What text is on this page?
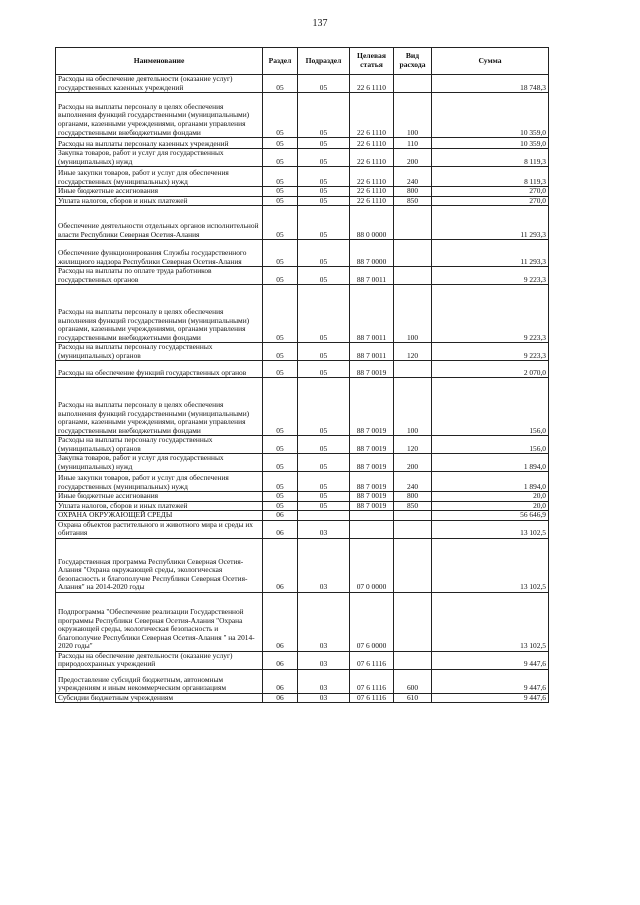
137
Наименование	Раздел	Подраздел	Целевая статья	Вид расхода	Сумма
Расходы на обеспечение деятельности (оказание услуг) государственных казенных учреждений	05	05	22 6 1110		18 748,3
Расходы на выплаты персоналу в целях обеспечения выполнения функций государственными (муниципальными) органами, казенными учреждениями, органами управления государственными внебюджетными фондами	05	05	22 6 1110	100	10 359,0
Расходы на выплаты персоналу казенных учреждений	05	05	22 6 1110	110	10 359,0
Закупка товаров, работ и услуг для государственных (муниципальных) нужд	05	05	22 6 1110	200	8 119,3
Иные закупки товаров, работ и услуг для обеспечения государственных (муниципальных) нужд	05	05	22 6 1110	240	8 119,3
Иные бюджетные ассигнования	05	05	22 6 1110	800	270,0
Уплата налогов, сборов и иных платежей	05	05	22 6 1110	850	270,0
Обеспечение деятельности отдельных органов исполнительной власти Республики Северная Осетия-Алания	05	05	88 0 0000		11 293,3
Обеспечение функционирования Службы государственного жилищного надзора Республики Северная Осетия-Алания	05	05	88 7 0000		11 293,3
Расходы на выплаты по оплате труда работников государственных органов	05	05	88 7 0011		9 223,3
Расходы на выплаты персоналу в целях обеспечения выполнения функций государственными (муниципальными) органами, казенными учреждениями, органами управления государственными внебюджетными фондами	05	05	88 7 0011	100	9 223,3
Расходы на выплаты персоналу государственных (муниципальных) органов	05	05	88 7 0011	120	9 223,3
Расходы на обеспечение функций государственных органов	05	05	88 7 0019		2 070,0
Расходы на выплаты персоналу в целях обеспечения выполнения функций государственными (муниципальными) органами, казенными учреждениями, органами управления государственными внебюджетными фондами	05	05	88 7 0019	100	156,0
Расходы на выплаты персоналу государственных (муниципальных) органов	05	05	88 7 0019	120	156,0
Закупка товаров, работ и услуг для государственных (муниципальных) нужд	05	05	88 7 0019	200	1 894,0
Иные закупки товаров, работ и услуг для обеспечения государственных (муниципальных) нужд	05	05	88 7 0019	240	1 894,0
Иные бюджетные ассигнования	05	05	88 7 0019	800	20,0
Уплата налогов, сборов и иных платежей	05	05	88 7 0019	850	20,0
ОХРАНА ОКРУЖАЮЩЕЙ СРЕДЫ	06				56 646,9
Охрана объектов растительного и животного мира и среды их обитания	06	03			13 102,5
Государственная программа Республики Северная Осетия-Алания "Охрана окружающей среды, экологическая безопасность и благополучие Республики Северная Осетия-Алания" на 2014-2020 годы	06	03	07 0 0000		13 102,5
Подпрограмма "Обеспечение реализации Государственной программы Республики Северная Осетия-Алания "Охрана окружающей среды, экологическая безопасность и благополучие Республики Северная Осетия-Алания " на 2014-2020 годы"	06	03	07 6 0000		13 102,5
Расходы на обеспечение деятельности (оказание услуг) природоохранных учреждений	06	03	07 6 1116		9 447,6
Предоставление субсидий бюджетным, автономным учреждениям и иным некоммерческим организациям	06	03	07 6 1116	600	9 447,6
Субсидии бюджетным учреждениям	06	03	07 6 1116	610	9 447,6
